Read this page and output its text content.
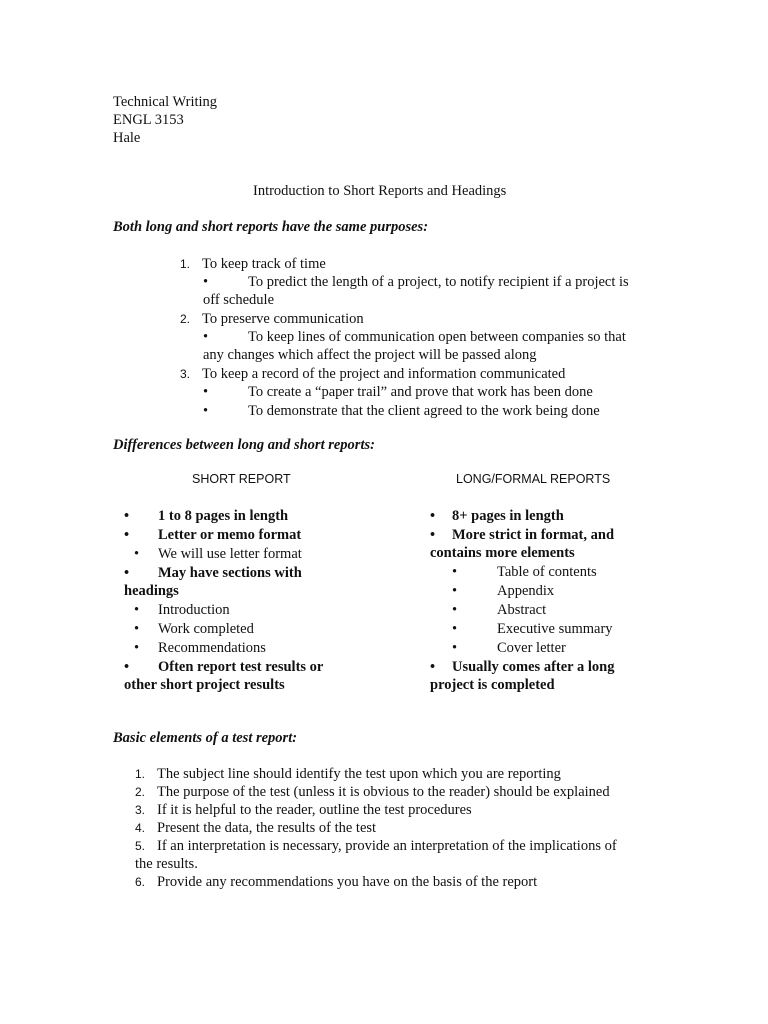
Technical Writing
ENGL 3153
Hale
Introduction to Short Reports and Headings
Both long and short reports have the same purposes:
1. To keep track of time
•	To predict the length of a project, to notify recipient if a project is
off schedule
2. To preserve communication
•	To keep lines of communication open between companies so that
any changes which affect the project will be passed along
3. To keep a record of the project and information communicated
•	To create a “paper trail” and prove that work has been done
•	To demonstrate that the client agreed to the work being done
Differences between long and short reports:
SHORT REPORT	LONG/FORMAL REPORTS
• 1 to 8 pages in length
• Letter or memo format
• We will use letter format
• May have sections with
headings
• Introduction
• Work completed
• Recommendations
• Often report test results or
other short project results
• 8+ pages in length
• More strict in format, and
contains more elements
•	Table of contents
•	Appendix
•	Abstract
•	Executive summary
•	Cover letter
• Usually comes after a long
project is completed
Basic elements of a test report:
1. The subject line should identify the test upon which you are reporting
2. The purpose of the test (unless it is obvious to the reader) should be explained
3. If it is helpful to the reader, outline the test procedures
4. Present the data, the results of the test
5. If an interpretation is necessary, provide an interpretation of the implications of
the results.
6. Provide any recommendations you have on the basis of the report
